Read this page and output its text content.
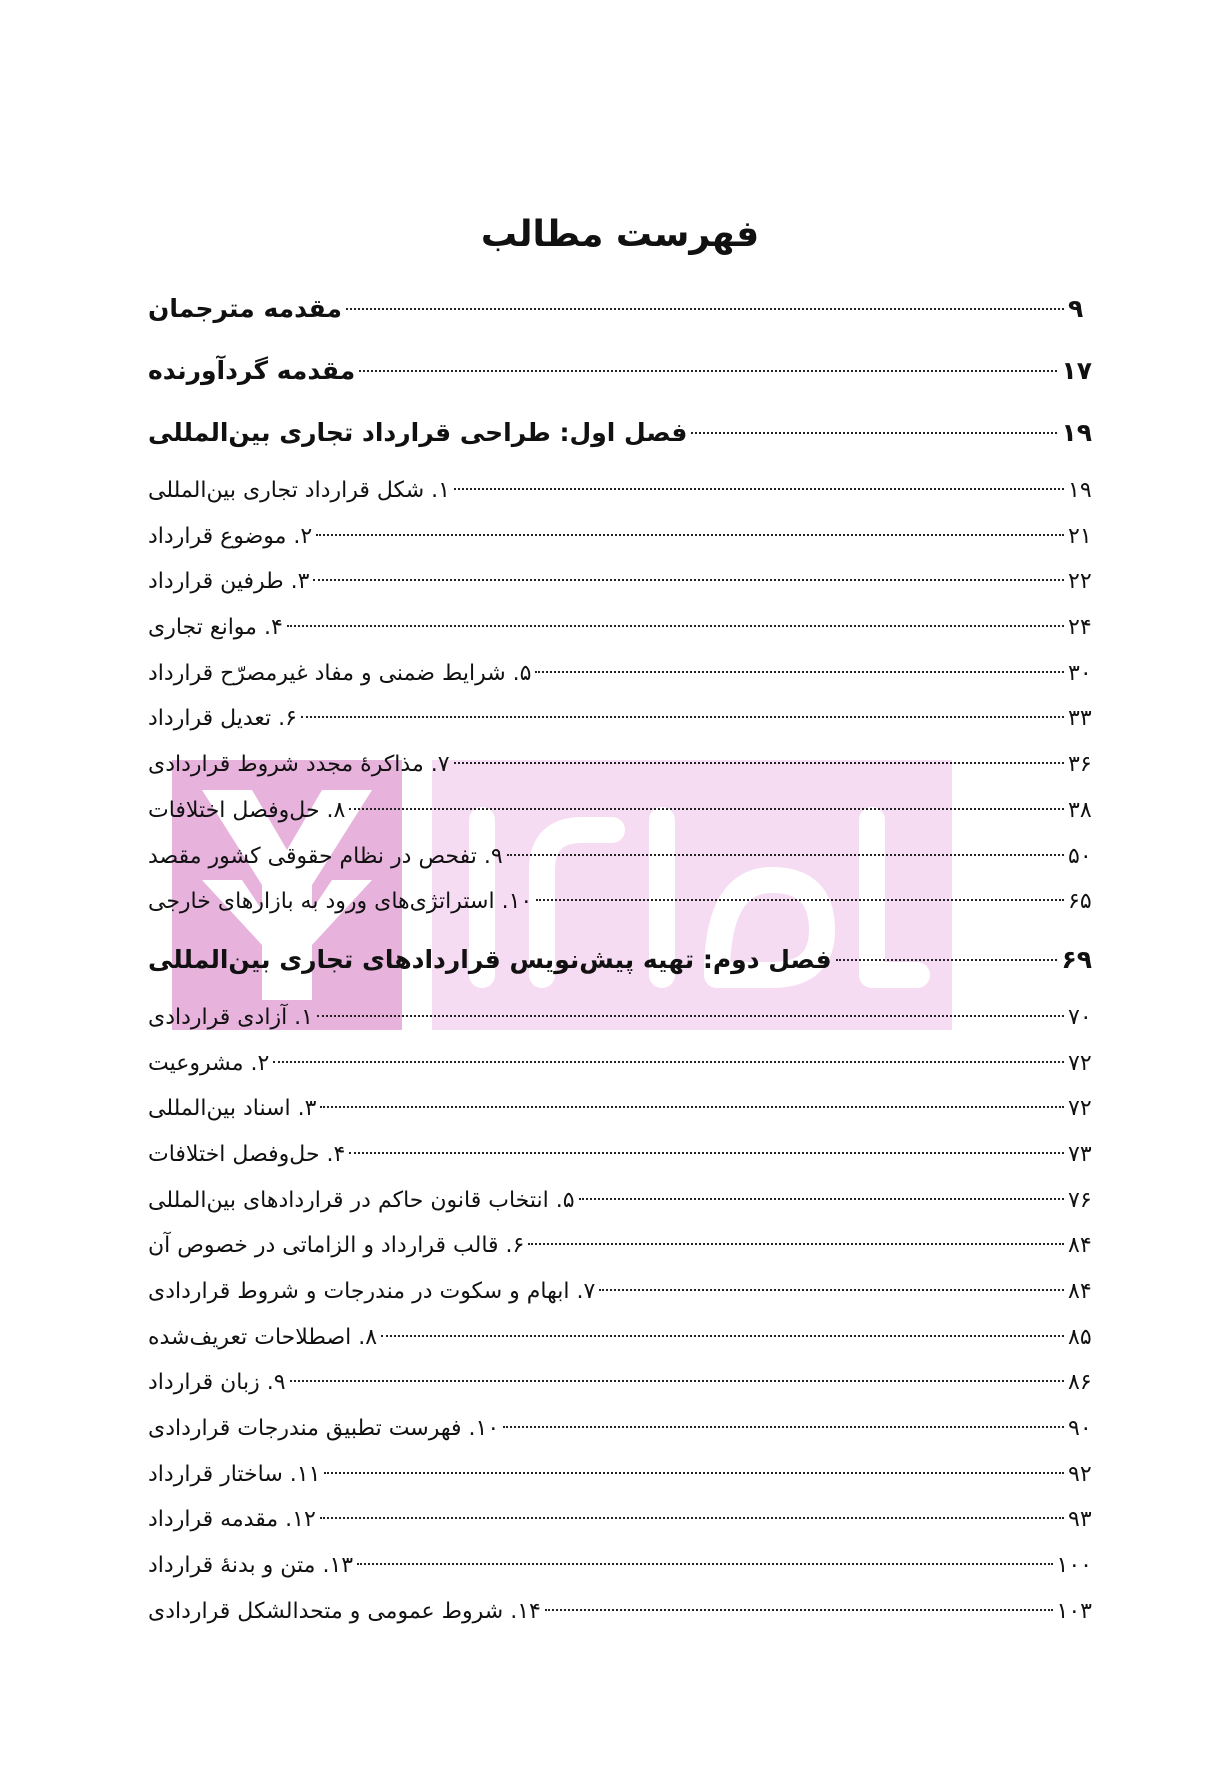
فهرست مطالب
مقدمه مترجمان	۹
مقدمه گردآورنده	۱۷
فصل اول: طراحی قرارداد تجاری بین‌المللی	۱۹
۱. شکل قرارداد تجاری بین‌المللی	۱۹
۲. موضوع قرارداد	۲۱
۳. طرفین قرارداد	۲۲
۴. موانع تجاری	۲۴
۵. شرایط ضمنی و مفاد غیرمصرّح قرارداد	۳۰
۶. تعدیل قرارداد	۳۳
۷. مذاکرهٔ مجدد شروط قراردادی	۳۶
۸. حل‌وفصل اختلافات	۳۸
۹. تفحص در نظام حقوقی کشور مقصد	۵۰
۱۰. استراتژی‌های ورود به بازارهای خارجی	۶۵
فصل دوم: تهیه پیش‌نویس قراردادهای تجاری بین‌المللی	۶۹
۱. آزادی قراردادی	۷۰
۲. مشروعیت	۷۲
۳. اسناد بین‌المللی	۷۲
۴. حل‌وفصل اختلافات	۷۳
۵. انتخاب قانون حاکم در قراردادهای بین‌المللی	۷۶
۶. قالب قرارداد و الزاماتی در خصوص آن	۸۴
۷. ابهام و سکوت در مندرجات و شروط قراردادی	۸۴
۸. اصطلاحات تعریف‌شده	۸۵
۹. زبان قرارداد	۸۶
۱۰. فهرست تطبیق مندرجات قراردادی	۹۰
۱۱. ساختار قرارداد	۹۲
۱۲. مقدمه قرارداد	۹۳
۱۳. متن و بدنهٔ قرارداد	۱۰۰
۱۴. شروط عمومی و متحدالشکل قراردادی	۱۰۳
